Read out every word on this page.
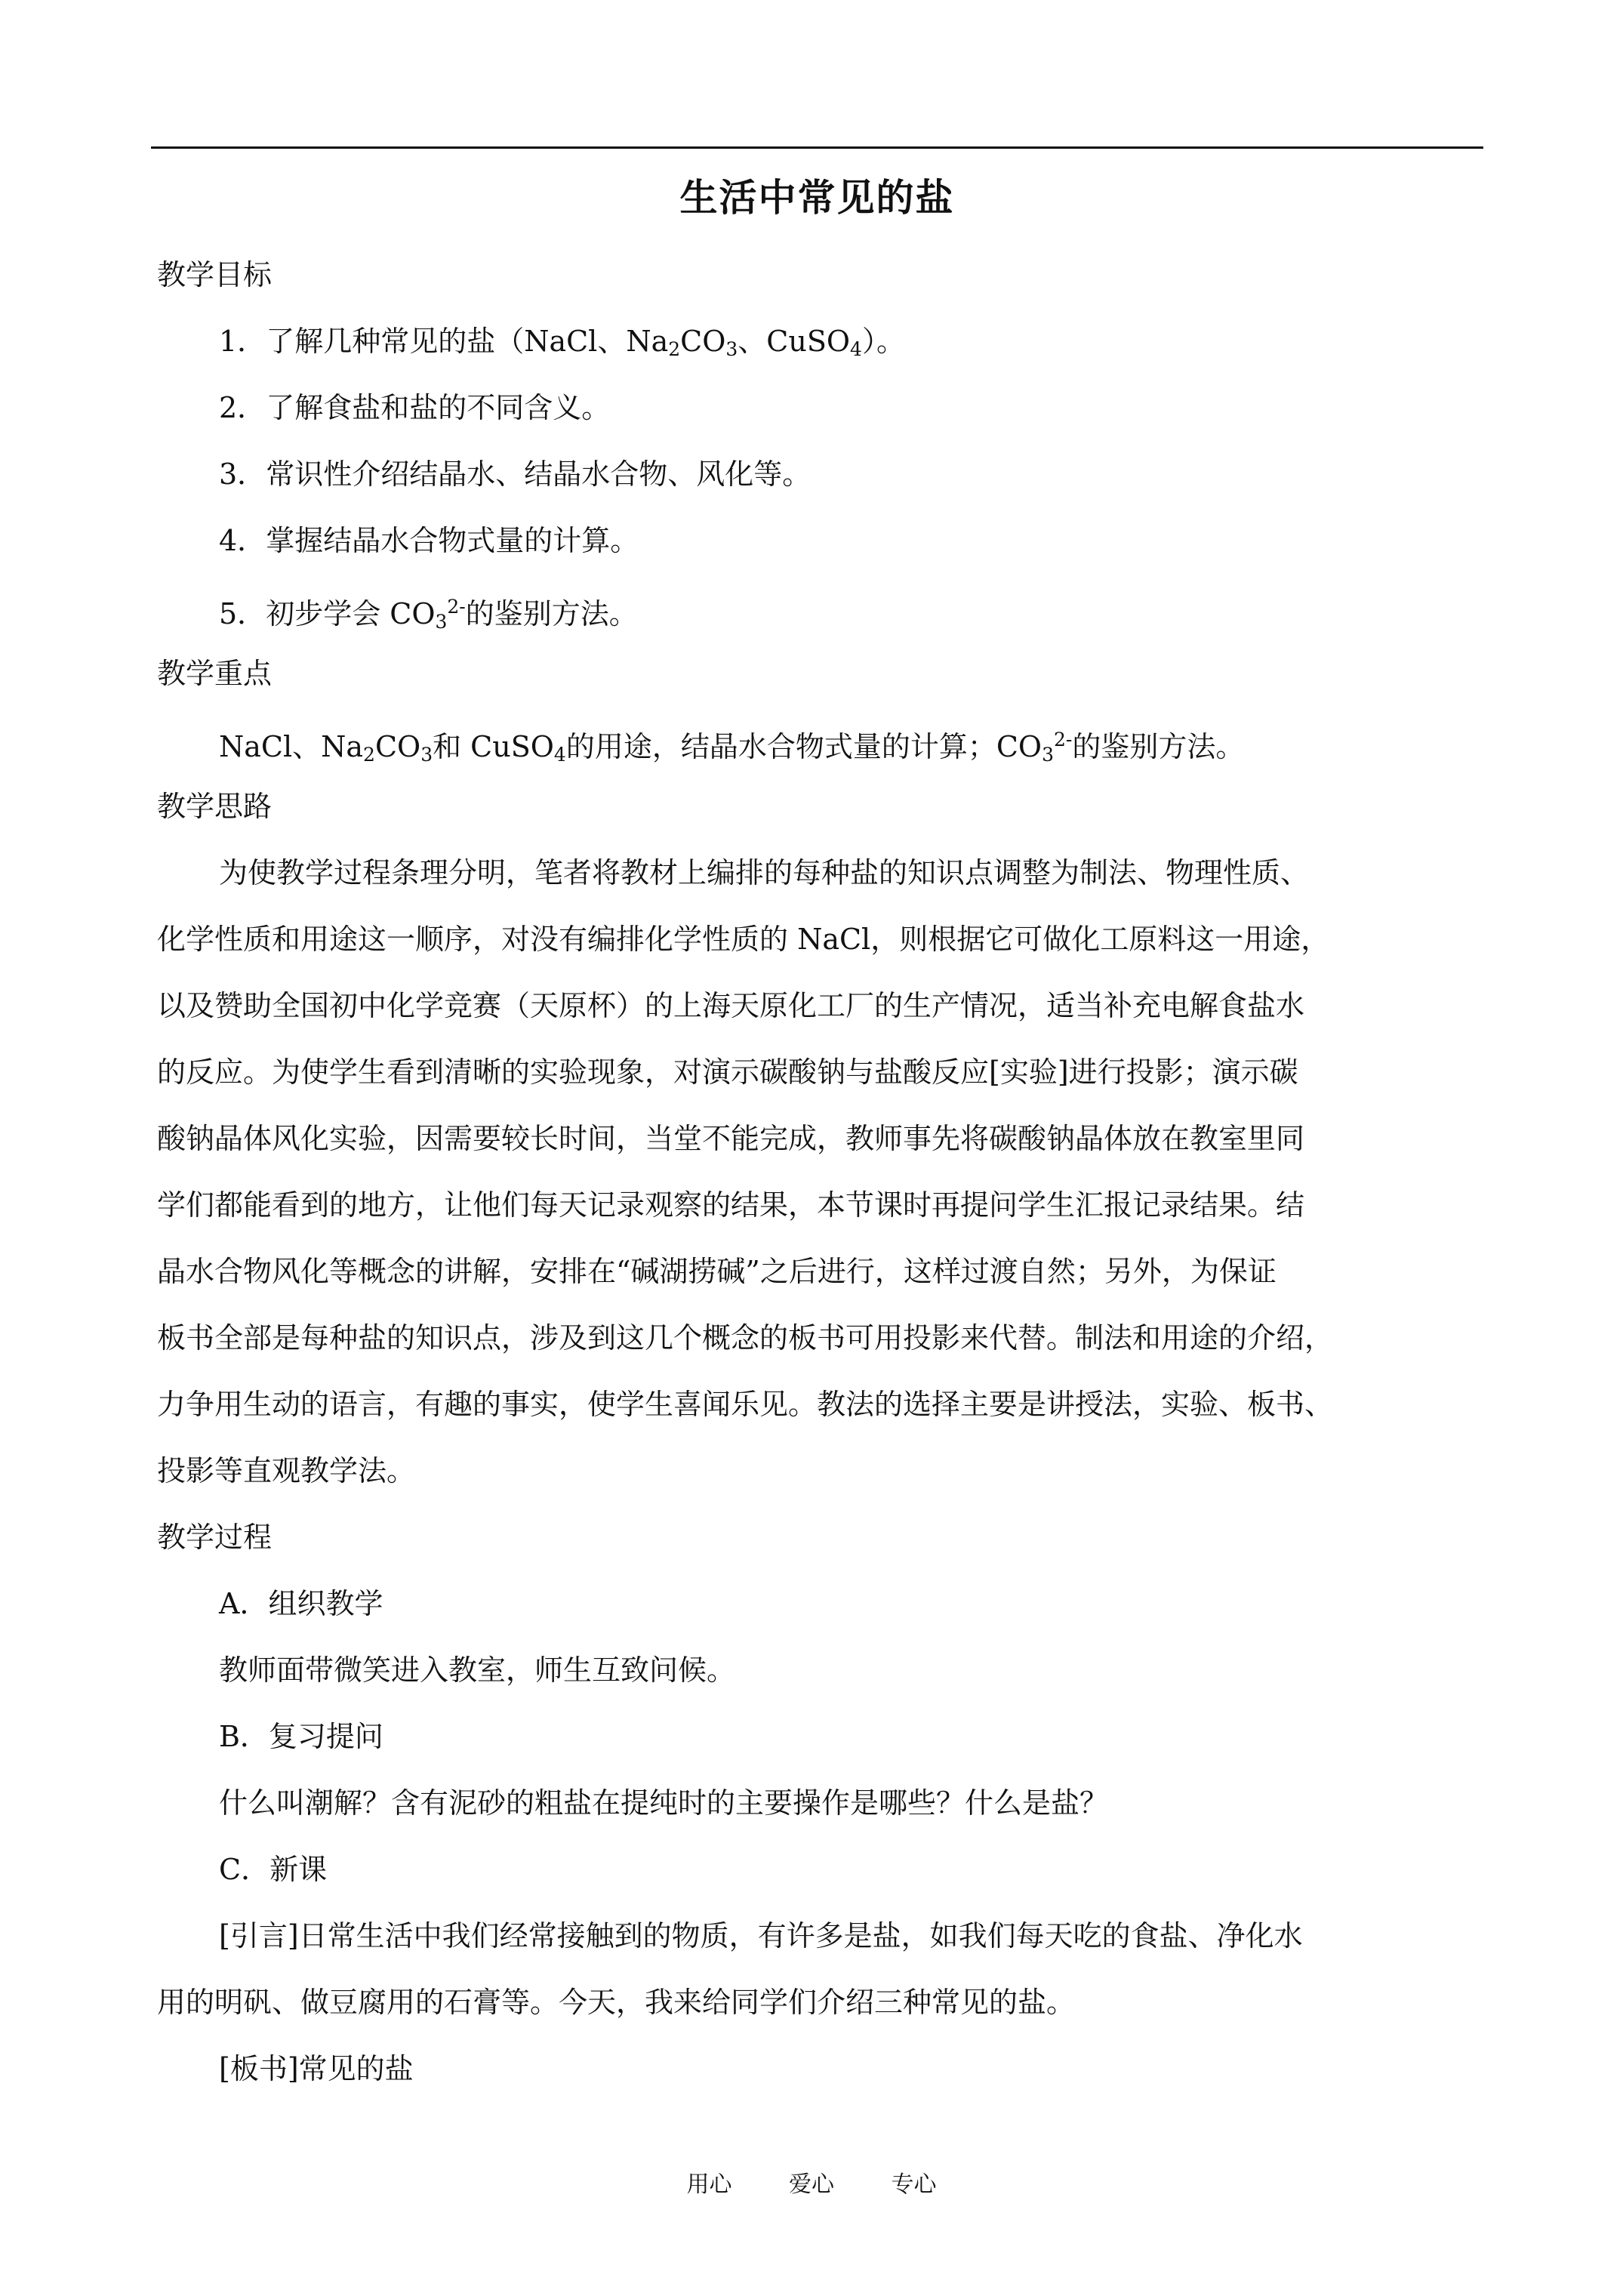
生活中常见的盐
教学目标
1．了解几种常见的盐（NaCl、$Na_2CO_3$、CuSO$_4$）。
2．了解食盐和盐的不同含义。
3．常识性介绍结晶水、结晶水合物、风化等。
4．掌握结晶水合物式量的计算。
5．初步学会 $CO_3^{2-}$的鉴别方法。
教学重点
NaCl、$Na_2CO_3$和 CuSO$_4$的用途，结晶水合物式量的计算；$CO_3^{2-}$的鉴别方法。
教学思路
为使教学过程条理分明，笔者将教材上编排的每种盐的知识点调整为制法、物理性质、
化学性质和用途这一顺序，对没有编排化学性质的 NaCl，则根据它可做化工原料这一用途，
以及赞助全国初中化学竞赛（天原杯）的上海天原化工厂的生产情况，适当补充电解食盐水
的反应。为使学生看到清晰的实验现象，对演示碳酸钠与盐酸反应[实验]进行投影；演示碳
酸钠晶体风化实验，因需要较长时间，当堂不能完成，教师事先将碳酸钠晶体放在教室里同
学们都能看到的地方，让他们每天记录观察的结果，本节课时再提问学生汇报记录结果。结
晶水合物风化等概念的讲解，安排在“碱湖捞碱”之后进行，这样过渡自然；另外，为保证
板书全部是每种盐的知识点，涉及到这几个概念的板书可用投影来代替。制法和用途的介绍，
力争用生动的语言，有趣的事实，使学生喜闻乐见。教法的选择主要是讲授法，实验、板书、
投影等直观教学法。
教学过程
A．组织教学
教师面带微笑进入教室，师生互致问候。
B．复习提问
什么叫潮解？含有泥砂的粗盐在提纯时的主要操作是哪些？什么是盐？
C．新课
[引言]日常生活中我们经常接触到的物质，有许多是盐，如我们每天吃的食盐、净化水
用的明矾、做豆腐用的石膏等。今天，我来给同学们介绍三种常见的盐。
[板书]常见的盐
用心	爱心	专心
